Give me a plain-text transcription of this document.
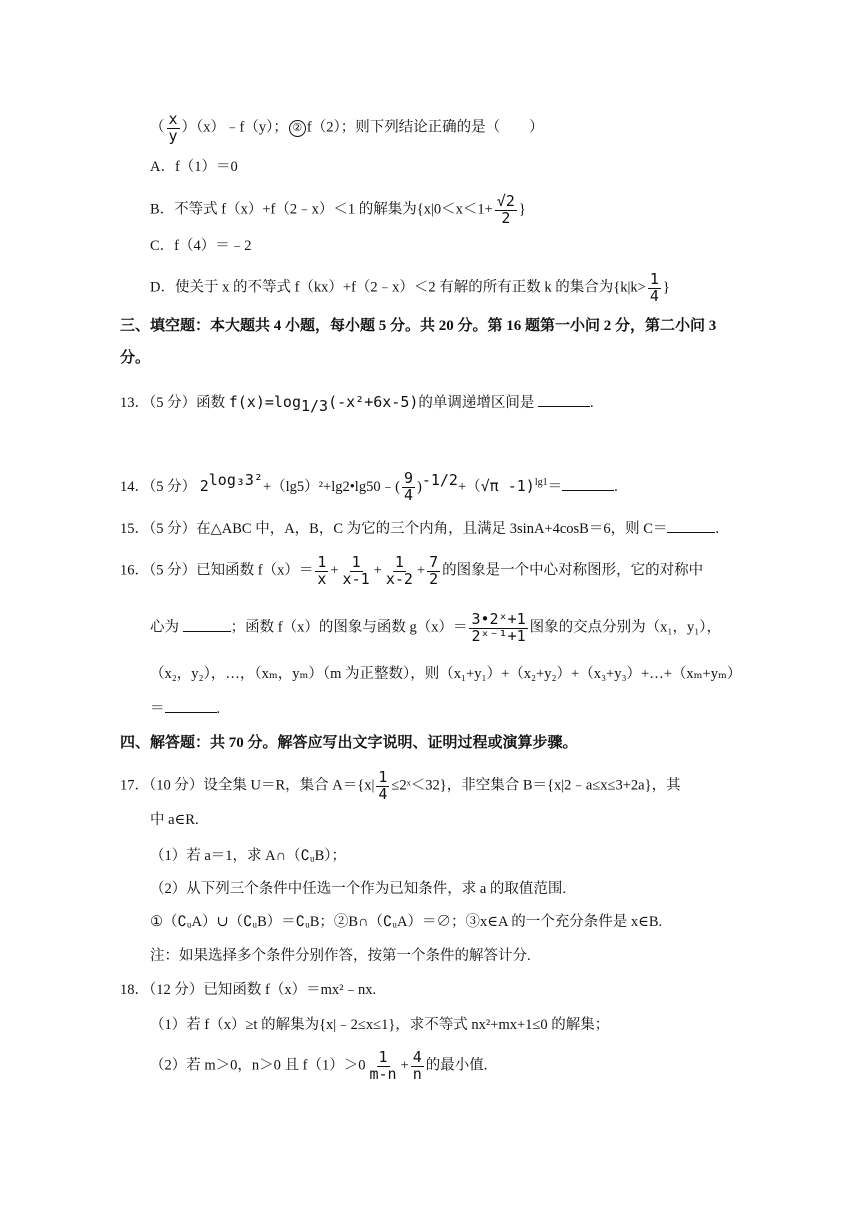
（ $\frac{x}{y}$ ）（x）﹣f（y）； ② f（2）；则下列结论正确的是（　　）
A．f（1）＝0
B．不等式 f（x）+f（2﹣x）＜1 的解集为{$x|0<x<1+ \frac{√2}{2}$ }
C．f（4）＝﹣2
D．使关于 x 的不等式 f（kx）+f（2﹣x）＜2 有解的所有正数 k 的集合为{$k|k> \frac{1}{4}$ }
三、填空题：本大题共 4 小题，每小题 5 分。共 20 分。第 16 题第一小问 2 分，第二小问 3
分。
13．（5 分）函数 $f(x)=\log_{1/3}(-x^2+6x-5)$的单调递增区间是	.
14．（5 分） $2^{log_33^2}+(\lg 5)^2+\lg 2•\lg 50﹣( \frac{9}{4} )^{-1/2}+(√\pi$ -1)$^{lg1}$＝	.
15．（5 分）在△ABC 中，A，B，C 为它的三个内角，且满足 3sinA+4cosB＝6，则 C＝	.
16．（5 分）已知函数 $f(x)= \frac{1}{x} + \frac{1}{x-1} + \frac{1}{x-2} + \frac{7}{2}$ 的图象是一个中心对称图形，它的对称中
心为	；函数 f（x）的图象与函数 $g(x)= \frac{\text{3•2ˣ+1}}{\text{2ˣ⁻¹+1}}$ 图象的交点分别为（x₁，y₁），
（x₂，y₂），…，（xₘ，yₘ）（m 为正整数），则（x₁+y₁）+（x₂+y₂）+（x₃+y₃）+…+（xₘ+yₘ）
＝	.
四、解答题：共 70 分。解答应写出文字说明、证明过程或演算步骤。
17．（10 分）设全集 U＝R，集合 $A=\{x| \frac{1}{4}$ ≤2ˣ＜32}，非空集合 B＝{x|2﹣a≤x≤3+2a}，其
中 a∈R.
（1）若 a＝1，求 A∩（∁ᵤB）；
（2）从下列三个条件中任选一个作为已知条件，求 a 的取值范围.
①（∁ᵤA）∪（∁ᵤB）＝∁ᵤB；②B∩（∁ᵤA）＝∅；③x∈A 的一个充分条件是 x∈B.
注：如果选择多个条件分别作答，按第一个条件的解答计分.
18．（12 分）已知函数 f（x）＝mx²﹣nx.
（1）若 f（x）≥t 的解集为{x|﹣2≤x≤1}，求不等式 nx²+mx+1≤0 的解集；
（2）若 m＞0，n＞0 且 $f(1)>0 \frac{1}{m-n} + \frac{4}{n}$ 的最小值.
